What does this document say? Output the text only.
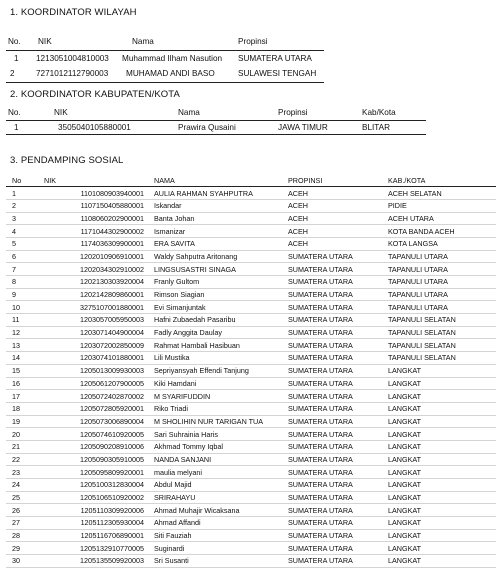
1. KOORDINATOR WILAYAH
No.	NIK	Nama	Propinsi
1	1213051004810003	Muhammad Ilham Nasution	SUMATERA UTARA
2	7271012112790003	MUHAMAD ANDI BASO	SULAWESI TENGAH
2. KOORDINATOR KABUPATEN/KOTA
No.	NIK	Nama	Propinsi	Kab/Kota
1	3505040105880001	Prawira Qusaini	JAWA TIMUR	BLITAR
3. PENDAMPING SOSIAL
No	NIK	NAMA	PROPINSI	KAB./KOTA
1	1101080903940001	AULIA RAHMAN SYAHPUTRA	ACEH	ACEH SELATAN
2	1107150405880001	Iskandar	ACEH	PIDIE
3	1108060202900001	Banta Johan	ACEH	ACEH UTARA
4	1171044302900002	Ismanizar	ACEH	KOTA BANDA ACEH
5	1174036309900001	ERA SAVITA	ACEH	KOTA LANGSA
6	1202010906910001	Waldy Sahputra Aritonang	SUMATERA UTARA	TAPANULI UTARA
7	1202034302910002	LINGSUSASTRI SINAGA	SUMATERA UTARA	TAPANULI UTARA
8	1202130303920004	Franly Gultom	SUMATERA UTARA	TAPANULI UTARA
9	1202142809860001	Rimson Siagian	SUMATERA UTARA	TAPANULI UTARA
10	3275107001880001	Evi Simanjuntak	SUMATERA UTARA	TAPANULI UTARA
11	1203057005950003	Hafni Zubaedah Pasaribu	SUMATERA UTARA	TAPANULI SELATAN
12	1203071404900004	Fadly Anggita Daulay	SUMATERA UTARA	TAPANULI SELATAN
13	1203072002850009	Rahmat Hambali Hasibuan	SUMATERA UTARA	TAPANULI SELATAN
14	1203074101880001	Lili Mustika	SUMATERA UTARA	TAPANULI SELATAN
15	1205013009930003	Sepriyansyah Effendi Tanjung	SUMATERA UTARA	LANGKAT
16	1205061207900005	Kiki Hamdani	SUMATERA UTARA	LANGKAT
17	1205072402870002	M SYARIFUDDIN	SUMATERA UTARA	LANGKAT
18	1205072805920001	Riko Triadi	SUMATERA UTARA	LANGKAT
19	1205073006890004	M SHOLIHIN NUR TARIGAN TUA	SUMATERA UTARA	LANGKAT
20	1205074610920005	Sari Suhrainia Haris	SUMATERA UTARA	LANGKAT
21	1205090208910006	Akhmad Tommy Iqbal	SUMATERA UTARA	LANGKAT
22	1205090305910005	NANDA SANJANI	SUMATERA UTARA	LANGKAT
23	1205095809920001	maulia melyani	SUMATERA UTARA	LANGKAT
24	1205100312830004	Abdul Majid	SUMATERA UTARA	LANGKAT
25	1205106510920002	SRIRAHAYU	SUMATERA UTARA	LANGKAT
26	1205110309920006	Ahmad Muhajir Wicaksana	SUMATERA UTARA	LANGKAT
27	1205112305930004	Ahmad Affandi	SUMATERA UTARA	LANGKAT
28	1205116706890001	Siti Fauziah	SUMATERA UTARA	LANGKAT
29	1205132910770005	Suginardi	SUMATERA UTARA	LANGKAT
30	1205135509920003	Sri Susanti	SUMATERA UTARA	LANGKAT
